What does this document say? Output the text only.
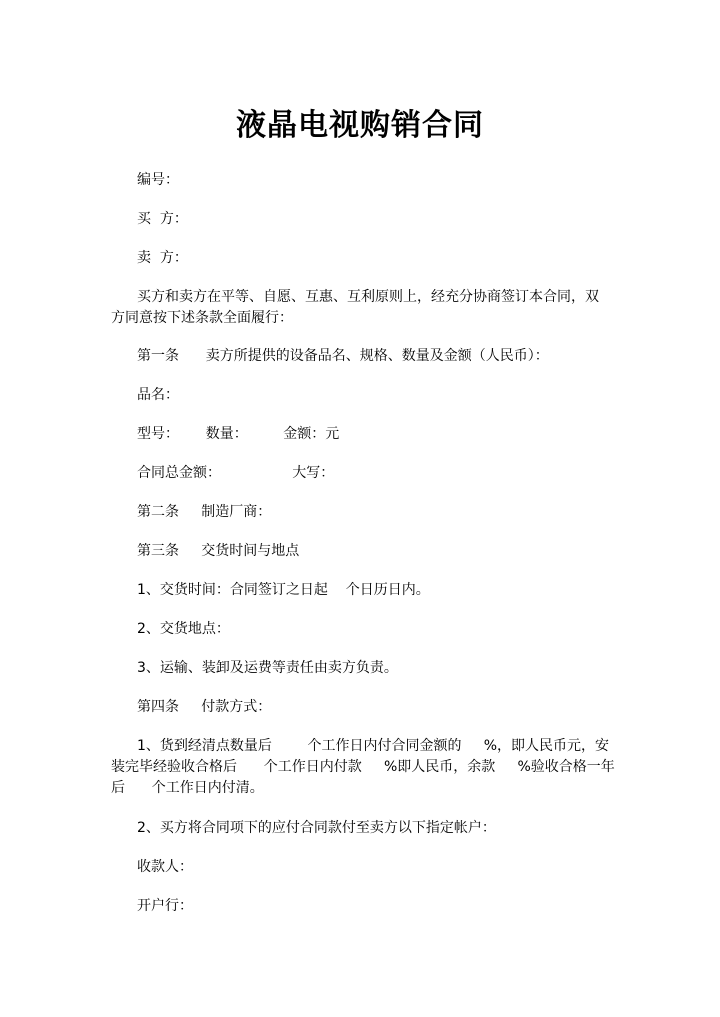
液晶电视购销合同
编号：
买  方：
卖  方：
买方和卖方在平等、自愿、互惠、互利原则上，经充分协商签订本合同，双
方同意按下述条款全面履行：
第一条      卖方所提供的设备品名、规格、数量及金额（人民币）：
品名：
型号：      数量：        金额：元
合同总金额：                大写：
第二条     制造厂商：
第三条     交货时间与地点
1、交货时间：合同签订之日起    个日历日内。
2、交货地点：
3、运输、装卸及运费等责任由卖方负责。
第四条     付款方式：
1、货到经清点数量后        个工作日内付合同金额的     %，即人民币元，安
装完毕经验收合格后      个工作日内付款     %即人民币，余款     %验收合格一年
后      个工作日内付清。
2、买方将合同项下的应付合同款付至卖方以下指定帐户：
收款人：
开户行：
